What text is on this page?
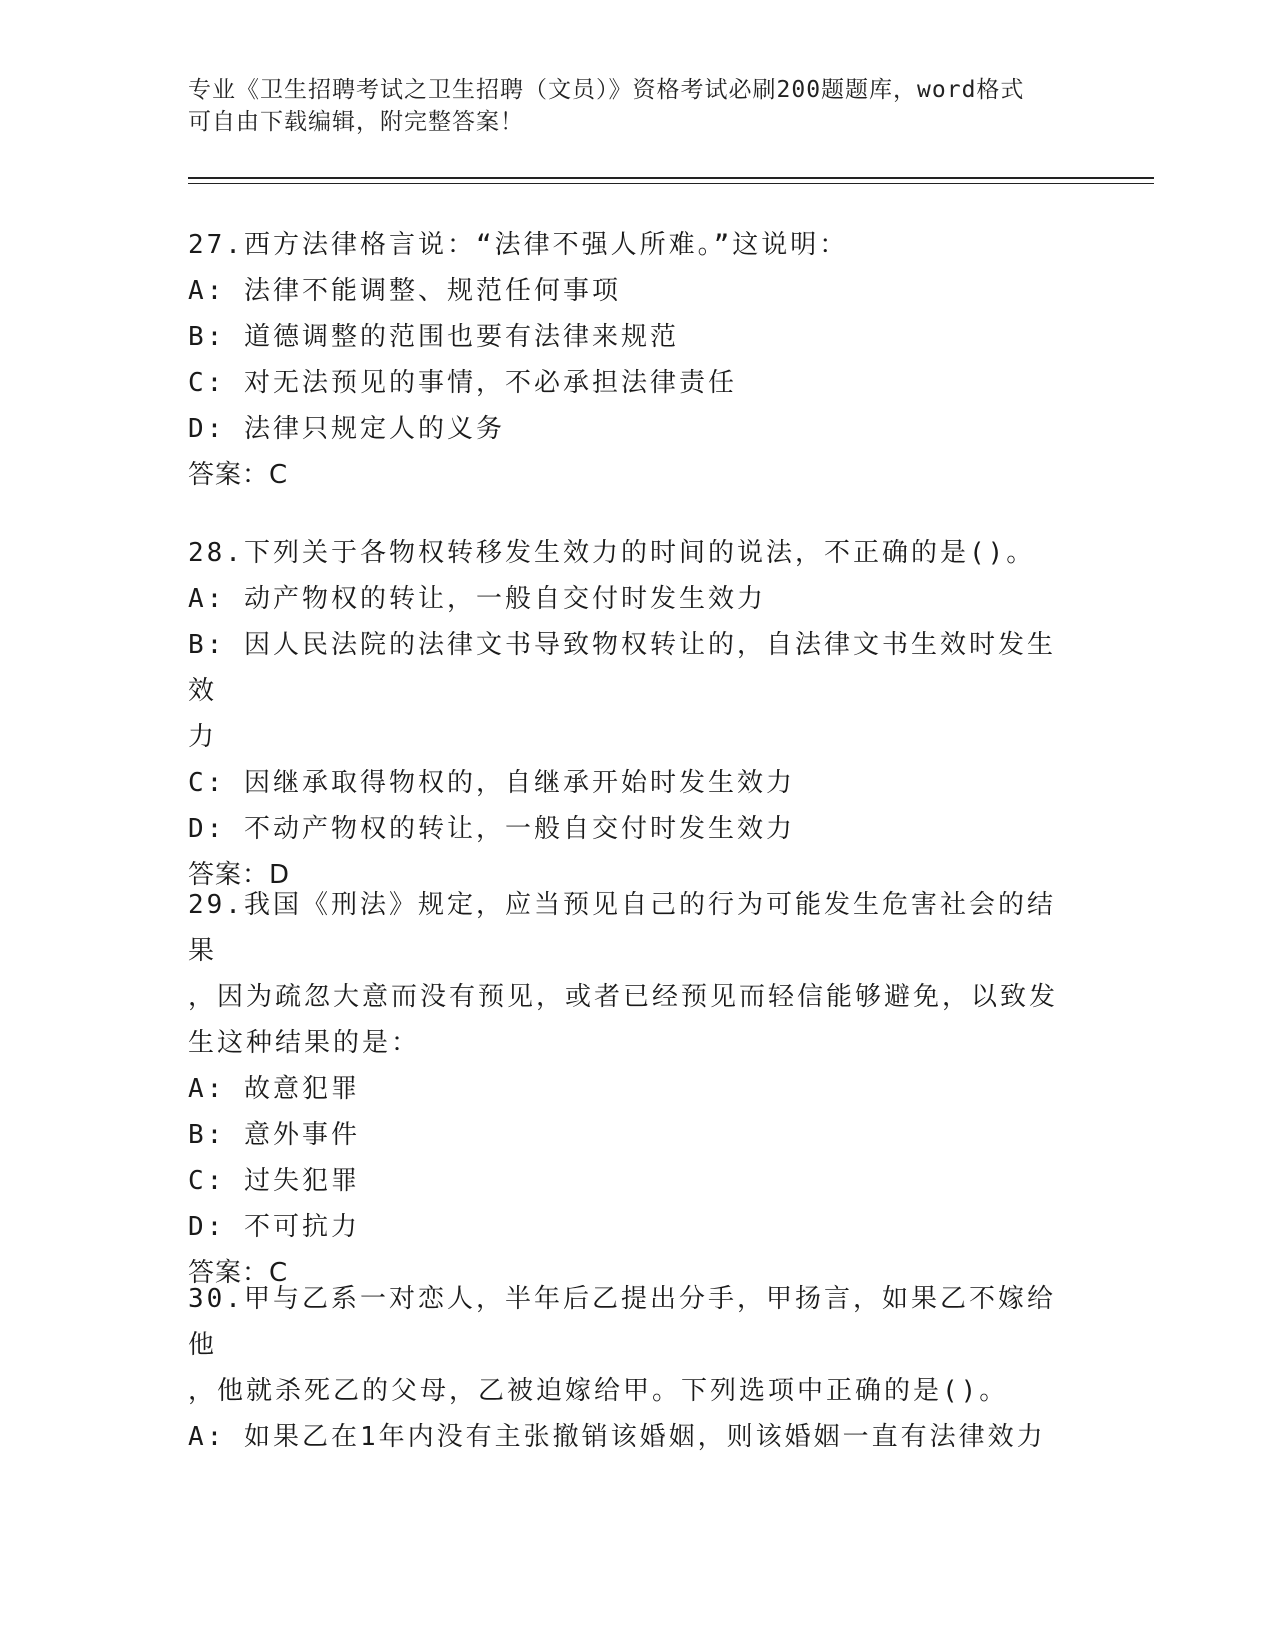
专业《卫生招聘考试之卫生招聘（文员）》资格考试必刷200题题库，word格式
可自由下载编辑，附完整答案！
27.西方法律格言说：“法律不强人所难。”这说明：
A: 法律不能调整、规范任何事项
B: 道德调整的范围也要有法律来规范
C: 对无法预见的事情，不必承担法律责任
D: 法律只规定人的义务
答案：C
28.下列关于各物权转移发生效力的时间的说法，不正确的是()。
A: 动产物权的转让，一般自交付时发生效力
B: 因人民法院的法律文书导致物权转让的，自法律文书生效时发生效
力
C: 因继承取得物权的，自继承开始时发生效力
D: 不动产物权的转让，一般自交付时发生效力
答案：D
29.我国《刑法》规定，应当预见自己的行为可能发生危害社会的结果
，因为疏忽大意而没有预见，或者已经预见而轻信能够避免，以致发
生这种结果的是：
A: 故意犯罪
B: 意外事件
C: 过失犯罪
D: 不可抗力
答案：C
30.甲与乙系一对恋人，半年后乙提出分手，甲扬言，如果乙不嫁给他
，他就杀死乙的父母，乙被迫嫁给甲。下列选项中正确的是()。
A: 如果乙在1年内没有主张撤销该婚姻，则该婚姻一直有法律效力
